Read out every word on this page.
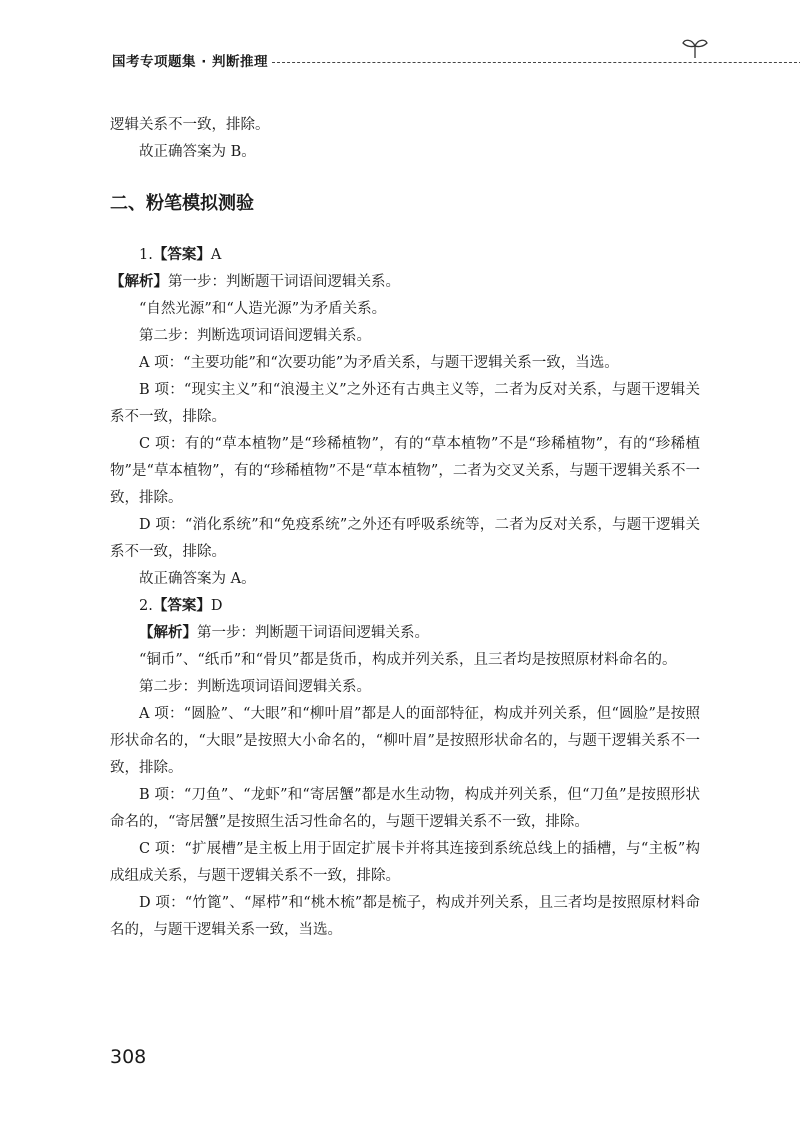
国考专项题集 · 判断推理

逻辑关系不一致，排除。

故正确答案为 B。

二、粉笔模拟测验

1.【答案】A

【解析】第一步：判断题干词语间逻辑关系。

“自然光源”和“人造光源”为矛盾关系。

第二步：判断选项词语间逻辑关系。

A 项：“主要功能”和“次要功能”为矛盾关系，与题干逻辑关系一致，当选。

B 项：“现实主义”和“浪漫主义”之外还有古典主义等，二者为反对关系，与题干逻辑关系不一致，排除。

C 项：有的“草本植物”是“珍稀植物”，有的“草本植物”不是“珍稀植物”，有的“珍稀植物”是“草本植物”，有的“珍稀植物”不是“草本植物”，二者为交叉关系，与题干逻辑关系不一致，排除。

D 项：“消化系统”和“免疫系统”之外还有呼吸系统等，二者为反对关系，与题干逻辑关系不一致，排除。

故正确答案为 A。

2.【答案】D

【解析】第一步：判断题干词语间逻辑关系。

“铜币”、“纸币”和“骨贝”都是货币，构成并列关系，且三者均是按照原材料命名的。

第二步：判断选项词语间逻辑关系。

A 项：“圆脸”、“大眼”和“柳叶眉”都是人的面部特征，构成并列关系，但“圆脸”是按照形状命名的，“大眼”是按照大小命名的，“柳叶眉”是按照形状命名的，与题干逻辑关系不一致，排除。

B 项：“刀鱼”、“龙虾”和“寄居蟹”都是水生动物，构成并列关系，但“刀鱼”是按照形状命名的，“寄居蟹”是按照生活习性命名的，与题干逻辑关系不一致，排除。

C 项：“扩展槽”是主板上用于固定扩展卡并将其连接到系统总线上的插槽，与“主板”构成组成关系，与题干逻辑关系不一致，排除。

D 项：“竹篦”、“犀栉”和“桃木梳”都是梳子，构成并列关系，且三者均是按照原材料命名的，与题干逻辑关系一致，当选。

308
